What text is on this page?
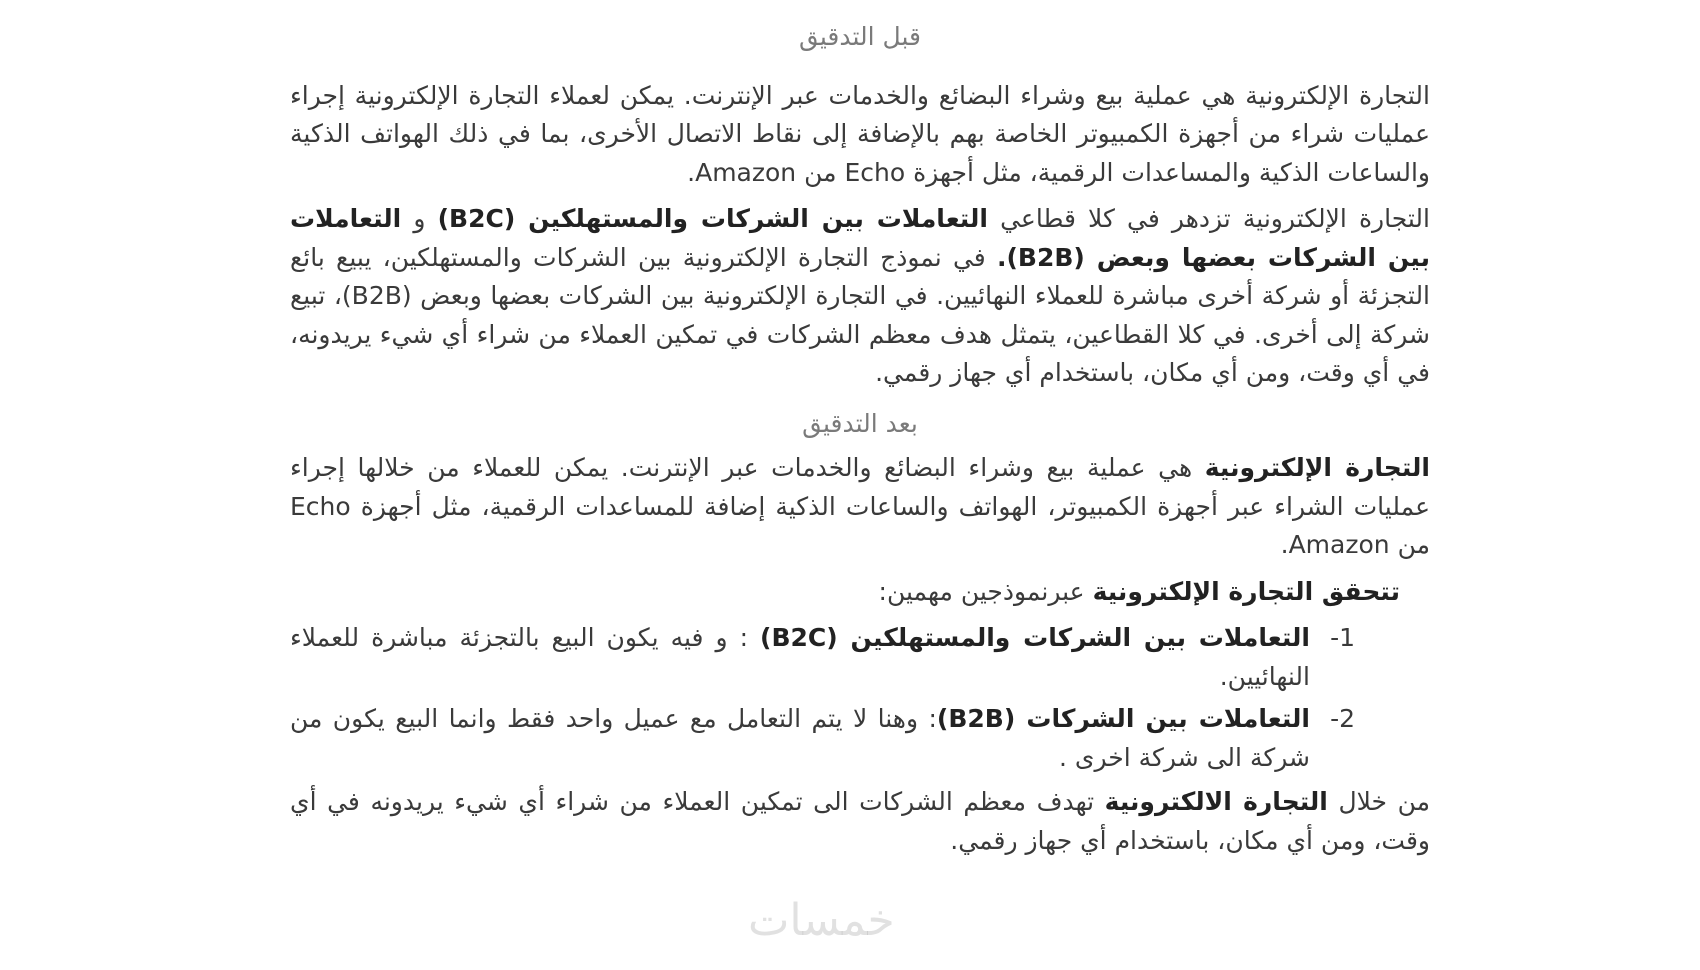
قبل التدقيق

التجارة الإلكترونية هي عملية بيع وشراء البضائع والخدمات عبر الإنترنت. يمكن لعملاء التجارة الإلكترونية إجراء عمليات شراء من أجهزة الكمبيوتر الخاصة بهم بالإضافة إلى نقاط الاتصال الأخرى، بما في ذلك الهواتف الذكية والساعات الذكية والمساعدات الرقمية، مثل أجهزة Echo من Amazon.

التجارة الإلكترونية تزدهر في كلا قطاعي التعاملات بين الشركات والمستهلكين (B2C) و التعاملات بين الشركات بعضها وبعض (B2B). في نموذج التجارة الإلكترونية بين الشركات والمستهلكين، يبيع بائع التجزئة أو شركة أخرى مباشرة للعملاء النهائيين. في التجارة الإلكترونية بين الشركات بعضها وبعض (B2B)، تبيع شركة إلى أخرى. في كلا القطاعين، يتمثل هدف معظم الشركات في تمكين العملاء من شراء أي شيء يريدونه، في أي وقت، ومن أي مكان، باستخدام أي جهاز رقمي.

بعد التدقيق

التجارة الإلكترونية هي عملية بيع وشراء البضائع والخدمات عبر الإنترنت. يمكن للعملاء من خلالها إجراء عمليات الشراء عبر أجهزة الكمبيوتر، الهواتف والساعات الذكية إضافة للمساعدات الرقمية، مثل أجهزة Echo من Amazon.

تتحقق التجارة الإلكترونية عبرنموذجين مهمين:

1-
التعاملات بين الشركات والمستهلكين (B2C) : و فيه يكون البيع بالتجزئة مباشرة للعملاء النهائيين.
2-
التعاملات بين الشركات (B2B): وهنا لا يتم التعامل مع عميل واحد فقط وانما البيع يكون من شركة الى شركة اخرى .

من خلال التجارة الالكترونية تهدف معظم الشركات الى تمكين العملاء من شراء أي شيء يريدونه في أي وقت، ومن أي مكان، باستخدام أي جهاز رقمي.

خمسات
